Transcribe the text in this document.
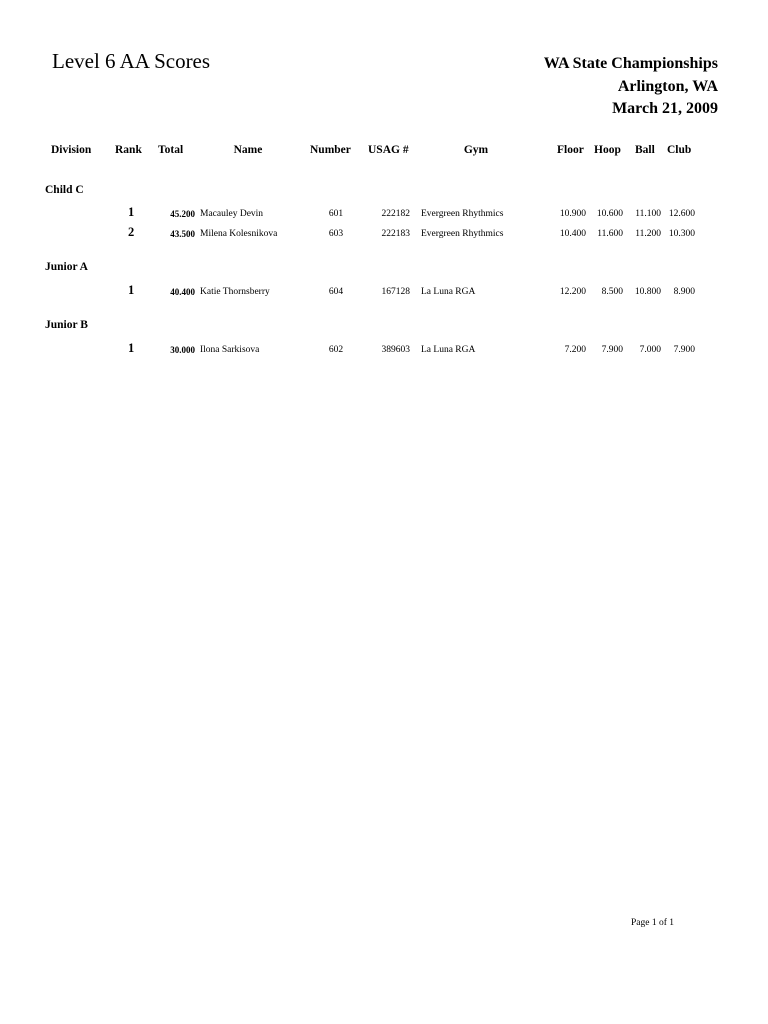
Level 6 AA Scores	WA State Championships
Arlington, WA
March 21, 2009
Division Rank Total	Name	Number USAG #	Gym	Floor Hoop Ball Club
Child C
1	45.200 Macauley Devin	601	222182 Evergreen Rhythmics	10.900 10.600 11.100 12.600
2	43.500 Milena Kolesnikova	603	222183 Evergreen Rhythmics	10.400 11.600 11.200 10.300
Junior A
1	40.400 Katie Thornsberry	604	167128 La Luna RGA	12.200 8.500 10.800 8.900
Junior B
1	30.000 Ilona Sarkisova	602	389603 La Luna RGA	7.200 7.900 7.000 7.900
Page 1 of 1
